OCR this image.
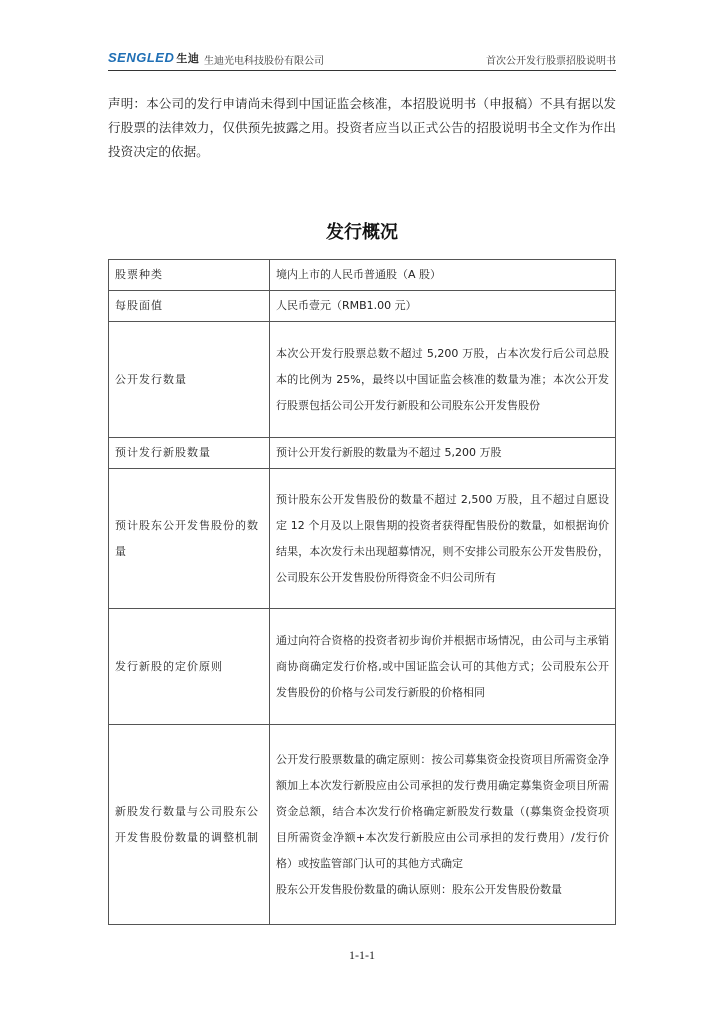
SENGLED 生迪 生迪光电科技股份有限公司	首次公开发行股票招股说明书
声明：本公司的发行申请尚未得到中国证监会核准，本招股说明书（申报稿）不具有据以发行股票的法律效力，仅供预先披露之用。投资者应当以正式公告的招股说明书全文作为作出投资决定的依据。
发行概况
股票种类	境内上市的人民币普通股（A 股）
每股面值	人民币壹元（RMB1.00 元）
公开发行数量	本次公开发行股票总数不超过 5,200 万股，占本次发行后公司总股本的比例为 25%，最终以中国证监会核准的数量为准；本次公开发行股票包括公司公开发行新股和公司股东公开发售股份
预计发行新股数量	预计公开发行新股的数量为不超过 5,200 万股
预计股东公开发售股份的数量	预计股东公开发售股份的数量不超过 2,500 万股，且不超过自愿设定 12 个月及以上限售期的投资者获得配售股份的数量，如根据询价结果，本次发行未出现超募情况，则不安排公司股东公开发售股份，公司股东公开发售股份所得资金不归公司所有
发行新股的定价原则	通过向符合资格的投资者初步询价并根据市场情况，由公司与主承销商协商确定发行价格,或中国证监会认可的其他方式；公司股东公开发售股份的价格与公司发行新股的价格相同
新股发行数量与公司股东公开发售股份数量的调整机制	公开发行股票数量的确定原则：按公司募集资金投资项目所需资金净额加上本次发行新股应由公司承担的发行费用确定募集资金项目所需资金总额，结合本次发行价格确定新股发行数量（(募集资金投资项目所需资金净额+本次发行新股应由公司承担的发行费用）/发行价格）或按监管部门认可的其他方式确定
股东公开发售股份数量的确认原则：股东公开发售股份数量
1-1-1
